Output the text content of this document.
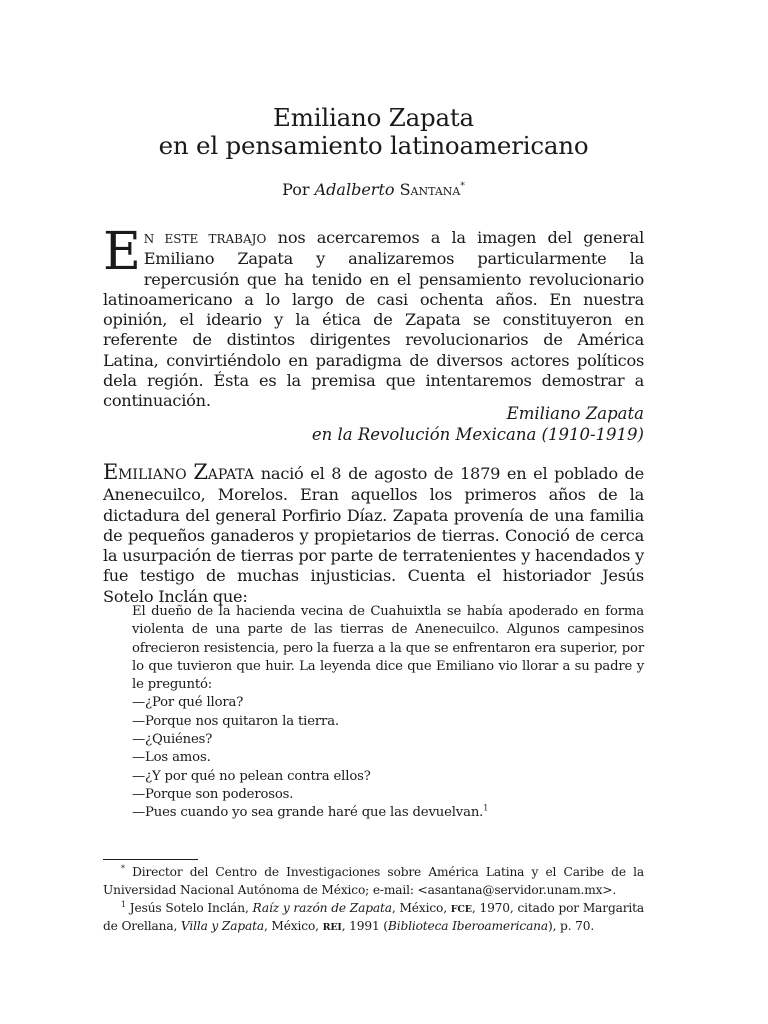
Emiliano Zapata
en el pensamiento latinoamericano
Por Adalberto Santana*
EN ESTE TRABAJO nos acercaremos a la imagen del general Emiliano Zapata y analizaremos particularmente la repercusión que ha tenido en el pensamiento revolucionario latinoamericano a lo largo de casi ochenta años. En nuestra opinión, el ideario y la ética de Zapata se constituyeron en referente de distintos dirigentes revolucionarios de América Latina, convirtiéndolo en paradigma de diversos actores políticos dela región. Ésta es la premisa que intentaremos demostrar a continuación.
Emiliano Zapata
en la Revolución Mexicana (1910-1919)
EMILIANO ZAPATA nació el 8 de agosto de 1879 en el poblado de Anenecuilco, Morelos. Eran aquellos los primeros años de la dictadura del general Porfirio Díaz. Zapata provenía de una familia de pequeños ganaderos y propietarios de tierras. Conoció de cerca la usurpación de tierras por parte de terratenientes y hacendados y fue testigo de muchas injusticias. Cuenta el historiador Jesús Sotelo Inclán que:

El dueño de la hacienda vecina de Cuahuixtla se había apoderado en forma violenta de una parte de las tierras de Anenecuilco. Algunos campesinos ofrecieron resistencia, pero la fuerza a la que se enfrentaron era superior, por lo que tuvieron que huir. La leyenda dice que Emiliano vio llorar a su padre y le preguntó:

—¿Por qué llora?

—Porque nos quitaron la tierra.

—¿Quiénes?

—Los amos.

—¿Y por qué no pelean contra ellos?

—Porque son poderosos.

—Pues cuando yo sea grande haré que las devuelvan.$^1$

* Director del Centro de Investigaciones sobre América Latina y el Caribe de la Universidad Nacional Autónoma de México; e-mail: <asantana@servidor.unam.mx>.

$^1$ Jesús Sotelo Inclán, Raíz y razón de Zapata, México, FCE, 1970, citado por Margarita de Orellana, Villa y Zapata, México, REI, 1991 (Biblioteca Iberoamericana), p. 70.
